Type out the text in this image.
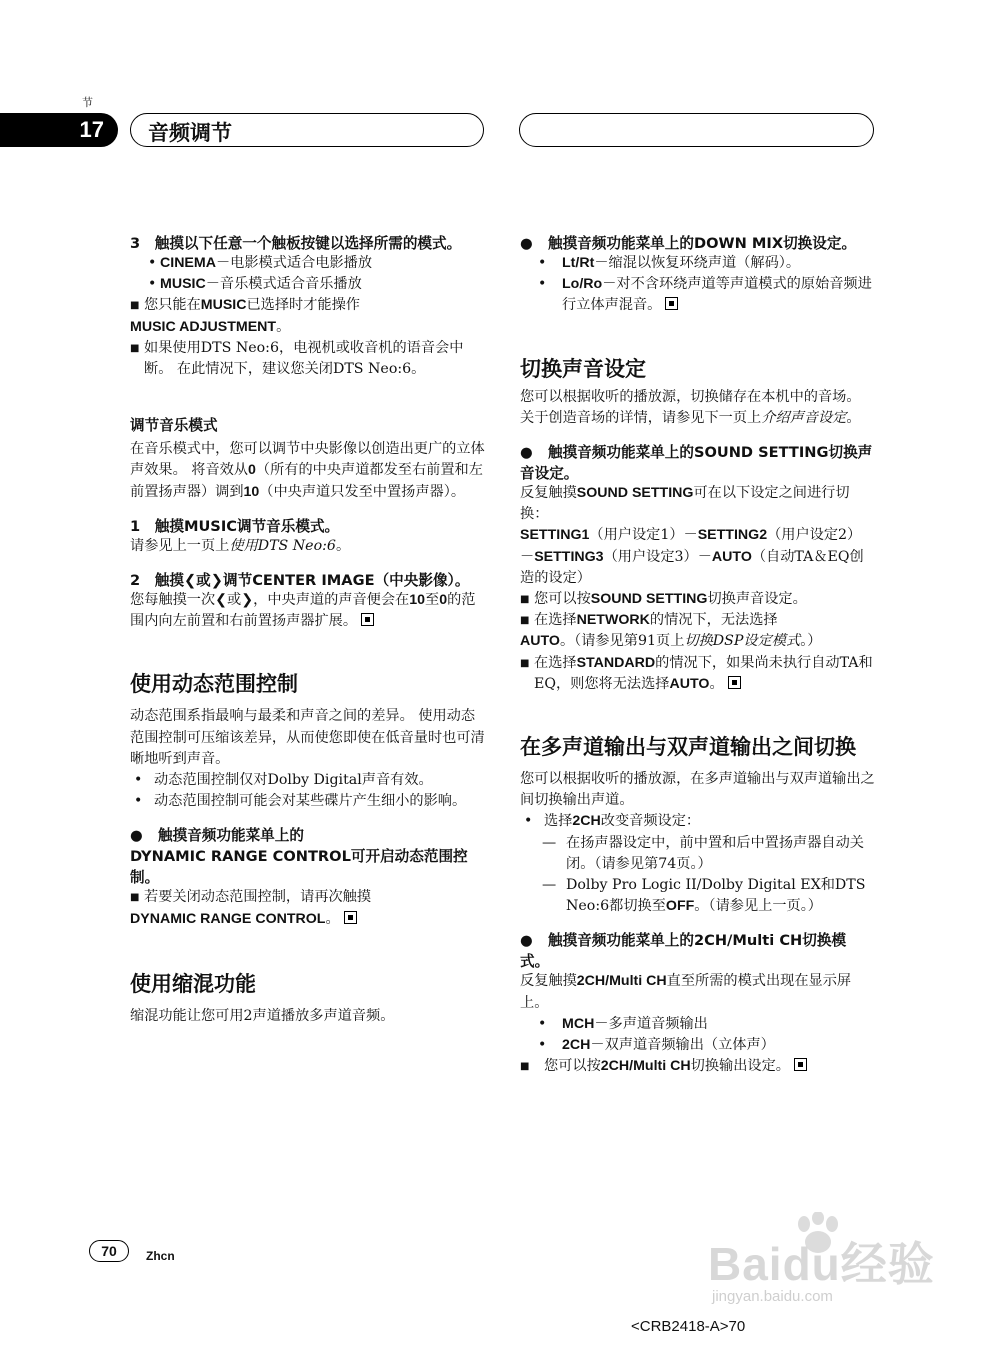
节
17	音频调节

3　触摸以下任意一个触板按键以选择所需的模式。

• CINEMA－电影模式适合电影播放

• MUSIC－音乐模式适合音乐播放

■ 您只能在MUSIC已选择时才能操作

MUSIC ADJUSTMENT。

■ 如果使用DTS Neo:6，电视机或收音机的语音会中断。 在此情况下，建议您关闭DTS Neo:6。

调节音乐模式

在音乐模式中，您可以调节中央影像以创造出更广的立体声效果。 将音效从0（所有的中央声道都发至右前置和左前置扬声器）调到10（中央声道只发至中置扬声器）。

1　触摸MUSIC调节音乐模式。

请参见上一页上使用DTS Neo:6。

2　触摸❮或❯调节CENTER IMAGE（中央影像）。

您每触摸一次❮或❯，中央声道的声音便会在10至0的范围内向左前置和右前置扬声器扩展。

使用动态范围控制

动态范围系指最响与最柔和声音之间的差异。 使用动态范围控制可压缩该差异，从而使您即使在低音量时也可清晰地听到声音。

• 动态范围控制仅对Dolby Digital声音有效。

• 动态范围控制可能会对某些碟片产生细小的影响。

● 触摸音频功能菜单上的
DYNAMIC RANGE CONTROL可开启动态范围控制。

■ 若要关闭动态范围控制，请再次触摸

DYNAMIC RANGE CONTROL。

使用缩混功能

缩混功能让您可用2声道播放多声道音频。

● 触摸音频功能菜单上的DOWN MIX切换设定。

• Lt/Rt－缩混以恢复环绕声道（解码）。

• Lo/Ro－对不含环绕声道等声道模式的原始音频进行立体声混音。

切换声音设定

您可以根据收听的播放源，切换储存在本机中的音场。 关于创造音场的详情，请参见下一页上介绍声音设定。

● 触摸音频功能菜单上的SOUND SETTING切换声音设定。

反复触摸SOUND SETTING可在以下设定之间进行切换：

SETTING1（用户设定1）－SETTING2（用户设定2）－SETTING3（用户设定3）－AUTO（自动TA＆EQ创造的设定）

■ 您可以按SOUND SETTING切换声音设定。

■ 在选择NETWORK的情况下，无法选择

AUTO。（请参见第91页上切换DSP设定模式。）

■ 在选择STANDARD的情况下，如果尚未执行自动TA和EQ，则您将无法选择AUTO。

在多声道输出与双声道输出之间切换

您可以根据收听的播放源，在多声道输出与双声道输出之间切换输出声道。

• 选择2CH改变音频设定：

— 在扬声器设定中，前中置和后中置扬声器自动关闭。（请参见第74页。）

— Dolby Pro Logic II/Dolby Digital EX和DTS Neo:6都切换至OFF。（请参见上一页。）

● 触摸音频功能菜单上的2CH/Multi CH切换模式。

反复触摸2CH/Multi CH直至所需的模式出现在显示屏上。

• MCH－多声道音频输出

• 2CH－双声道音频输出（立体声）

■ 您可以按2CH/Multi CH切换输出设定。

70	Zhcn	Baidu经验
jingyan.baidu.com
<CRB2418-A>70
